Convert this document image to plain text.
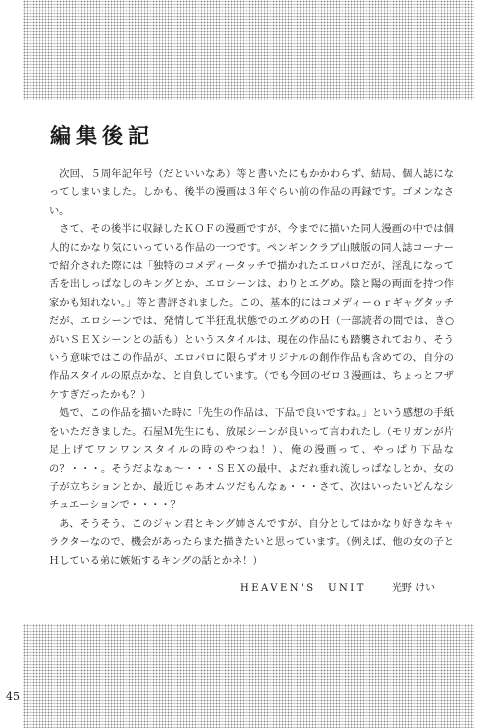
編集後記

次回、５周年記年号（だといいなあ）等と書いたにもかかわらず、結局、個人誌になってしまいました。しかも、後半の漫画は３年ぐらい前の作品の再録です。ゴメンなさい。

さて、その後半に収録したＫＯＦの漫画ですが、今までに描いた同人漫画の中では個人的にかなり気にいっている作品の一つです。ペンギンクラブ山賊版の同人誌コーナーで紹介された際には「独特のコメディータッチで描かれたエロパロだが、淫乱になって舌を出しっぱなしのキングとか、エロシーンは、わりとエグめ。陰と陽の両面を持つ作家かも知れない。」等と書評されました。この、基本的にはコメディーｏｒギャグタッチだが、エロシーンでは、発情して半狂乱状態でのエグめのＨ（一部読者の間では、き○がいＳＥＸシーンとの話も）というスタイルは、現在の作品にも踏襲されており、そういう意味ではこの作品が、エロパロに限らずオリジナルの創作作品も含めての、自分の作品スタイルの原点かな、と自負しています。（でも今回のゼロ３漫画は、ちょっとフザケすぎだったかも？）

処で、この作品を描いた時に「先生の作品は、下品で良いですね。」という感想の手紙をいただきました。石屋Ｍ先生にも、放尿シーンが良いって言われたし（モリガンが片足上げてワンワンスタイルの時のやつね！）、俺の漫画って、やっぱり下品なの？・・・。そうだよなぁ～・・・ＳＥＸの最中、よだれ垂れ流しっぱなしとか、女の子が立ちションとか、最近じゃあオムツだもんなぁ・・・さて、次はいったいどんなシチュエーションで・・・・？

あ、そうそう、このジャン君とキング姉さんですが、自分としてはかなり好きなキャラクターなので、機会があったらまた描きたいと思っています。（例えば、他の女の子とＨしている弟に嫉妬するキングの話とかネ！）

HEAVEN'S　UNIT	光野 けい
45
